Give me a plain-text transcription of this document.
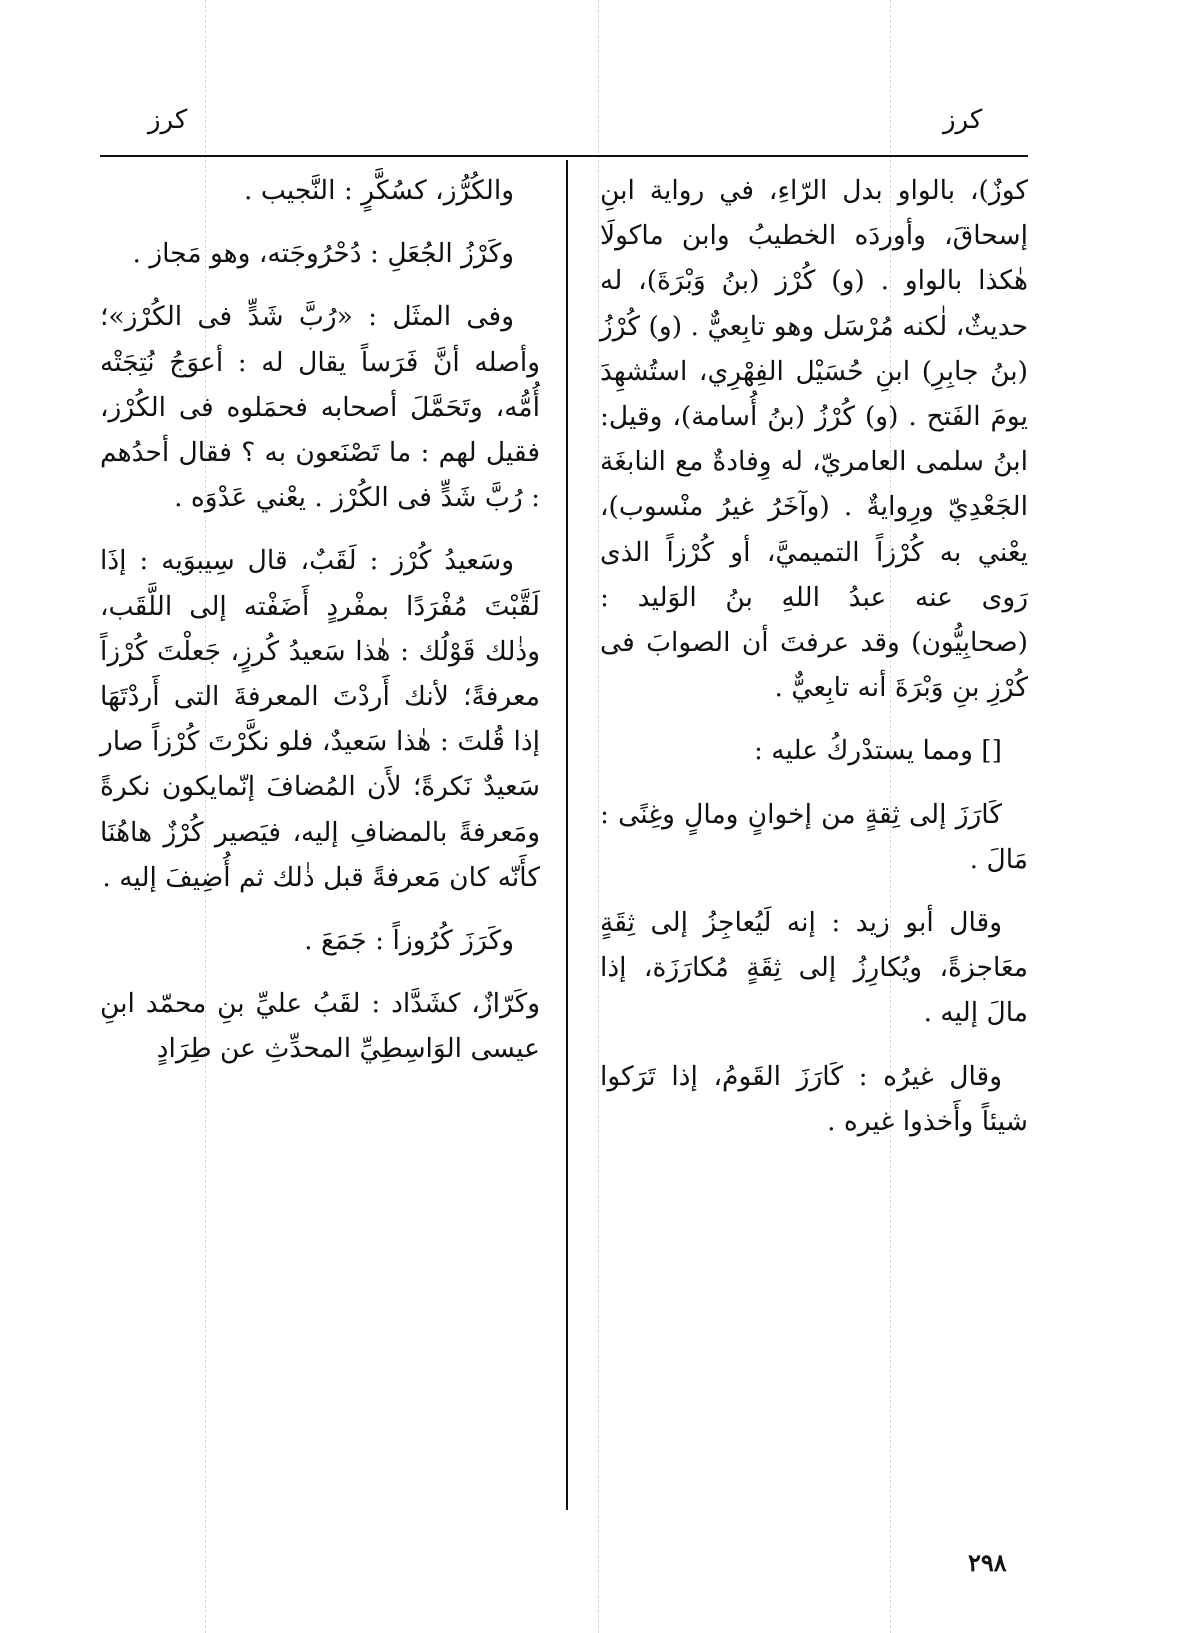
كرز
كرز

كوزٌ)، بالواو بدل الرّاءِ، في رواية ابنِ إسحاقَ، وأوردَه الخطيبُ وابن ماكولَا هٰكذا بالواو . (و) كُرْز (بنُ وَبْرَةَ)، له حديثٌ، لٰكنه مُرْسَل وهو تابِعيٌّ . (و) كُرْزُ (بنُ جابِرِ) ابنِ حُسَيْل الفِهْرِي، استُشهِدَ يومَ الفَتح . (و) كُرْزُ (بنُ أُسامة)، وقيل: ابنُ سلمى العامريّ، له وِفادةٌ مع النابغَة الجَعْدِيّ ورِوايةٌ . (وآخَرُ غيرُ منْسوب)، يعْني به كُرْزاً التميميَّ، أو كُرْزاً الذى رَوى عنه عبدُ اللهِ بنُ الوَليد : (صحابِيُّون) وقد عرفتَ أن الصوابَ فى كُرْزِ بنِ وَبْرَةَ أنه تابِعيٌّ .

[] ومما يستدْركُ عليه :

كَارَزَ إلى ثِقةٍ من إخوانٍ ومالٍ وغِنًى : مَالَ .

وقال أبو زيد : إنه لَيُعاجِزُ إلى ثِقَةٍ معَاجزةً، ويُكارِزُ إلى ثِقَةٍ مُكارَزَة، إذا مالَ إليه .

وقال غيرُه : كَارَزَ القَومُ، إذا تَرَكوا شيئاً وأَخذوا غيره .

والكُرُّز، كسُكَّرٍ : النَّجيب .

وكَرْزُ الجُعَلِ : دُحْرُوجَته، وهو مَجاز .

وفى المثَل : «رُبَّ شَدٍّ فى الكُرْز»؛ وأصله أنَّ فَرَساً يقال له : أعوَجُ نُتِجَتْه أُمُّه، وتَحَمَّلَ أصحابه فحمَلوه فى الكُرْز، فقيل لهم : ما تَصْنَعون به ؟ فقال أحدُهم : رُبَّ شَدٍّ فى الكُرْز . يعْني عَدْوَه .

وسَعيدُ كُرْز : لَقَبٌ، قال سِيبوَيه : إذَا لَقَّبْتَ مُفْرَدًا بمفْردٍ أَضَفْته إلى اللَّقَب، وذٰلك قَوْلُك : هٰذا سَعيدُ كُرزٍ، جَعلْتَ كُرْزاً معرفةً؛ لأنك أَردْتَ المعرفةَ التى أَردْتَهَا إذا قُلتَ : هٰذا سَعيدٌ، فلو نكَّرْتَ كُرْزاً صار سَعيدٌ نَكرةً؛ لأَن المُضافَ إنّمايكون نكرةً ومَعرفةً بالمضافِ إليه، فيَصير كُرْزٌ هاهُنَا كأَنّه كان مَعرفةً قبل ذٰلك ثم أُضِيفَ إليه .

وكَرَزَ كُرُوزاً : جَمَعَ .

وكَرّازٌ، كشَدَّاد : لقَبُ عليِّ بنِ محمّد ابنِ عيسى الوَاسِطِيِّ المحدِّثِ عن طِرَادٍ

٢٩٨
